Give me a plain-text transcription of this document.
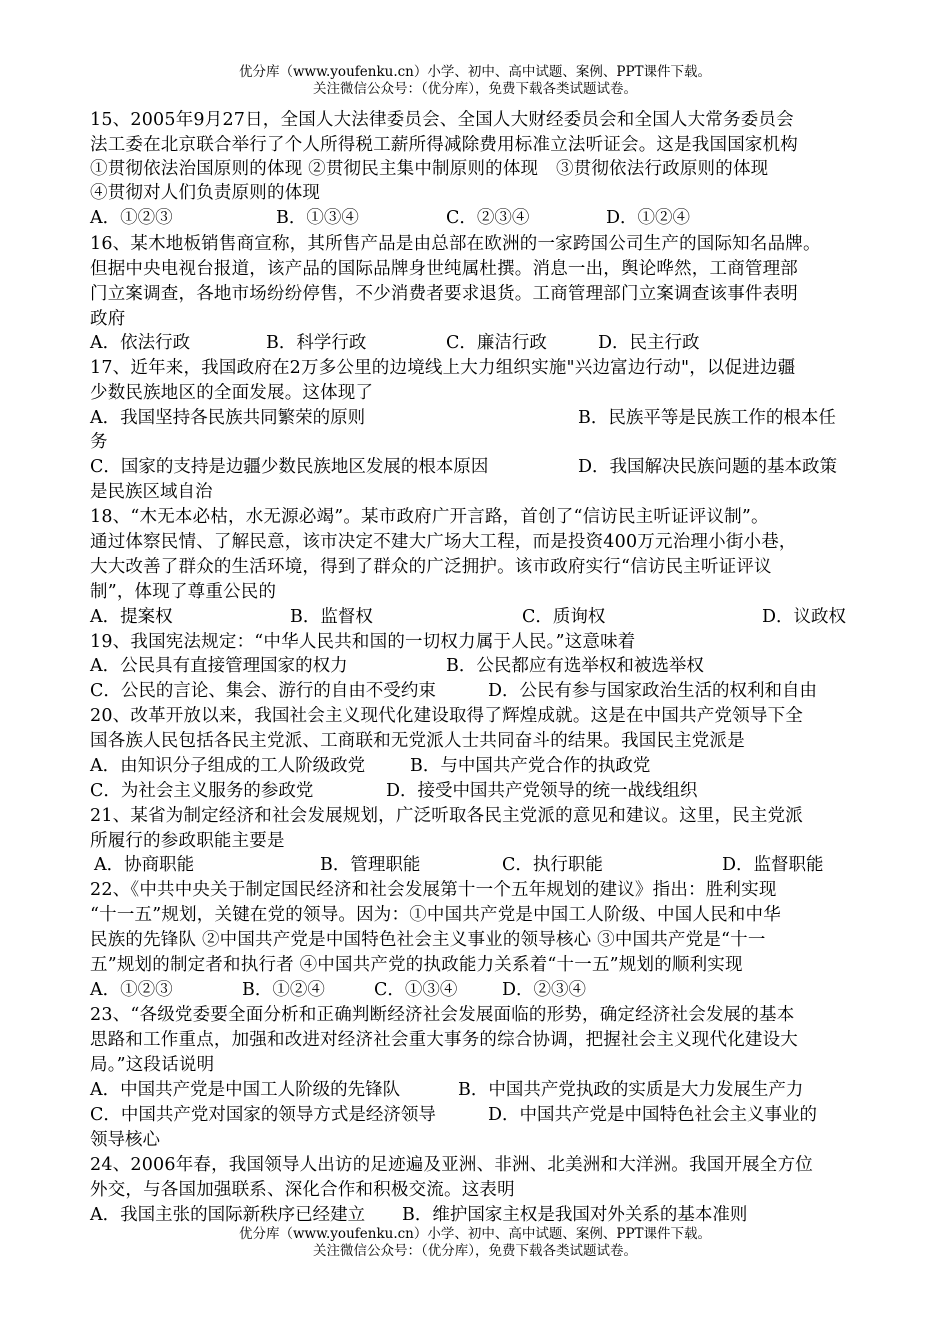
优分库（www.youfenku.cn）小学、初中、高中试题、案例、PPT课件下载。
关注微信公众号：（优分库），免费下载各类试题试卷。
15、2005年9月27日，全国人大法律委员会、全国人大财经委员会和全国人大常务委员会
法工委在北京联合举行了个人所得税工薪所得减除费用标准立法听证会。这是我国国家机构
①贯彻依法治国原则的体现 ②贯彻民主集中制原则的体现　③贯彻依法行政原则的体现
④贯彻对人们负责原则的体现
A．①②③	B．①③④	C．②③④	D．①②④
16、某木地板销售商宣称，其所售产品是由总部在欧洲的一家跨国公司生产的国际知名品牌。
但据中央电视台报道，该产品的国际品牌身世纯属杜撰。消息一出，舆论哗然，工商管理部
门立案调查，各地市场纷纷停售，不少消费者要求退货。工商管理部门立案调查该事件表明
政府
A．依法行政	B．科学行政	C．廉洁行政	D．民主行政
17、近年来，我国政府在2万多公里的边境线上大力组织实施"兴边富边行动"，以促进边疆
少数民族地区的全面发展。这体现了
A．我国坚持各民族共同繁荣的原则	B．民族平等是民族工作的根本任
务
C．国家的支持是边疆少数民族地区发展的根本原因	D．我国解决民族问题的基本政策
是民族区域自治
18、“木无本必枯，水无源必竭”。某市政府广开言路，首创了“信访民主听证评议制”。
通过体察民情、了解民意，该市决定不建大广场大工程，而是投资400万元治理小街小巷，
大大改善了群众的生活环境，得到了群众的广泛拥护。该市政府实行“信访民主听证评议
制”，体现了尊重公民的
A．提案权	B．监督权	C．质询权	D．议政权
19、我国宪法规定：“中华人民共和国的一切权力属于人民。”这意味着
A．公民具有直接管理国家的权力	B．公民都应有选举权和被选举权
C．公民的言论、集会、游行的自由不受约束	D．公民有参与国家政治生活的权利和自由
20、改革开放以来，我国社会主义现代化建设取得了辉煌成就。这是在中国共产党领导下全
国各族人民包括各民主党派、工商联和无党派人士共同奋斗的结果。我国民主党派是
A．由知识分子组成的工人阶级政党	B．与中国共产党合作的执政党
C．为社会主义服务的参政党	D．接受中国共产党领导的统一战线组织
21、某省为制定经济和社会发展规划，广泛听取各民主党派的意见和建议。这里，民主党派
所履行的参政职能主要是
A．协商职能	B．管理职能	C．执行职能	D．监督职能
22、《中共中央关于制定国民经济和社会发展第十一个五年规划的建议》指出：胜利实现
“十一五”规划，关键在党的领导。因为：①中国共产党是中国工人阶级、中国人民和中华
民族的先锋队 ②中国共产党是中国特色社会主义事业的领导核心 ③中国共产党是“十一
五”规划的制定者和执行者 ④中国共产党的执政能力关系着“十一五”规划的顺利实现
A．①②③	B．①②④	C．①③④	D．②③④
23、“各级党委要全面分析和正确判断经济社会发展面临的形势，确定经济社会发展的基本
思路和工作重点，加强和改进对经济社会重大事务的综合协调，把握社会主义现代化建设大
局。”这段话说明
A．中国共产党是中国工人阶级的先锋队	B．中国共产党执政的实质是大力发展生产力
C．中国共产党对国家的领导方式是经济领导	D．中国共产党是中国特色社会主义事业的
领导核心
24、2006年春，我国领导人出访的足迹遍及亚洲、非洲、北美洲和大洋洲。我国开展全方位
外交，与各国加强联系、深化合作和积极交流。这表明
A．我国主张的国际新秩序已经建立 B．维护国家主权是我国对外关系的基本准则
优分库（www.youfenku.cn）小学、初中、高中试题、案例、PPT课件下载。
关注微信公众号：（优分库），免费下载各类试题试卷。
